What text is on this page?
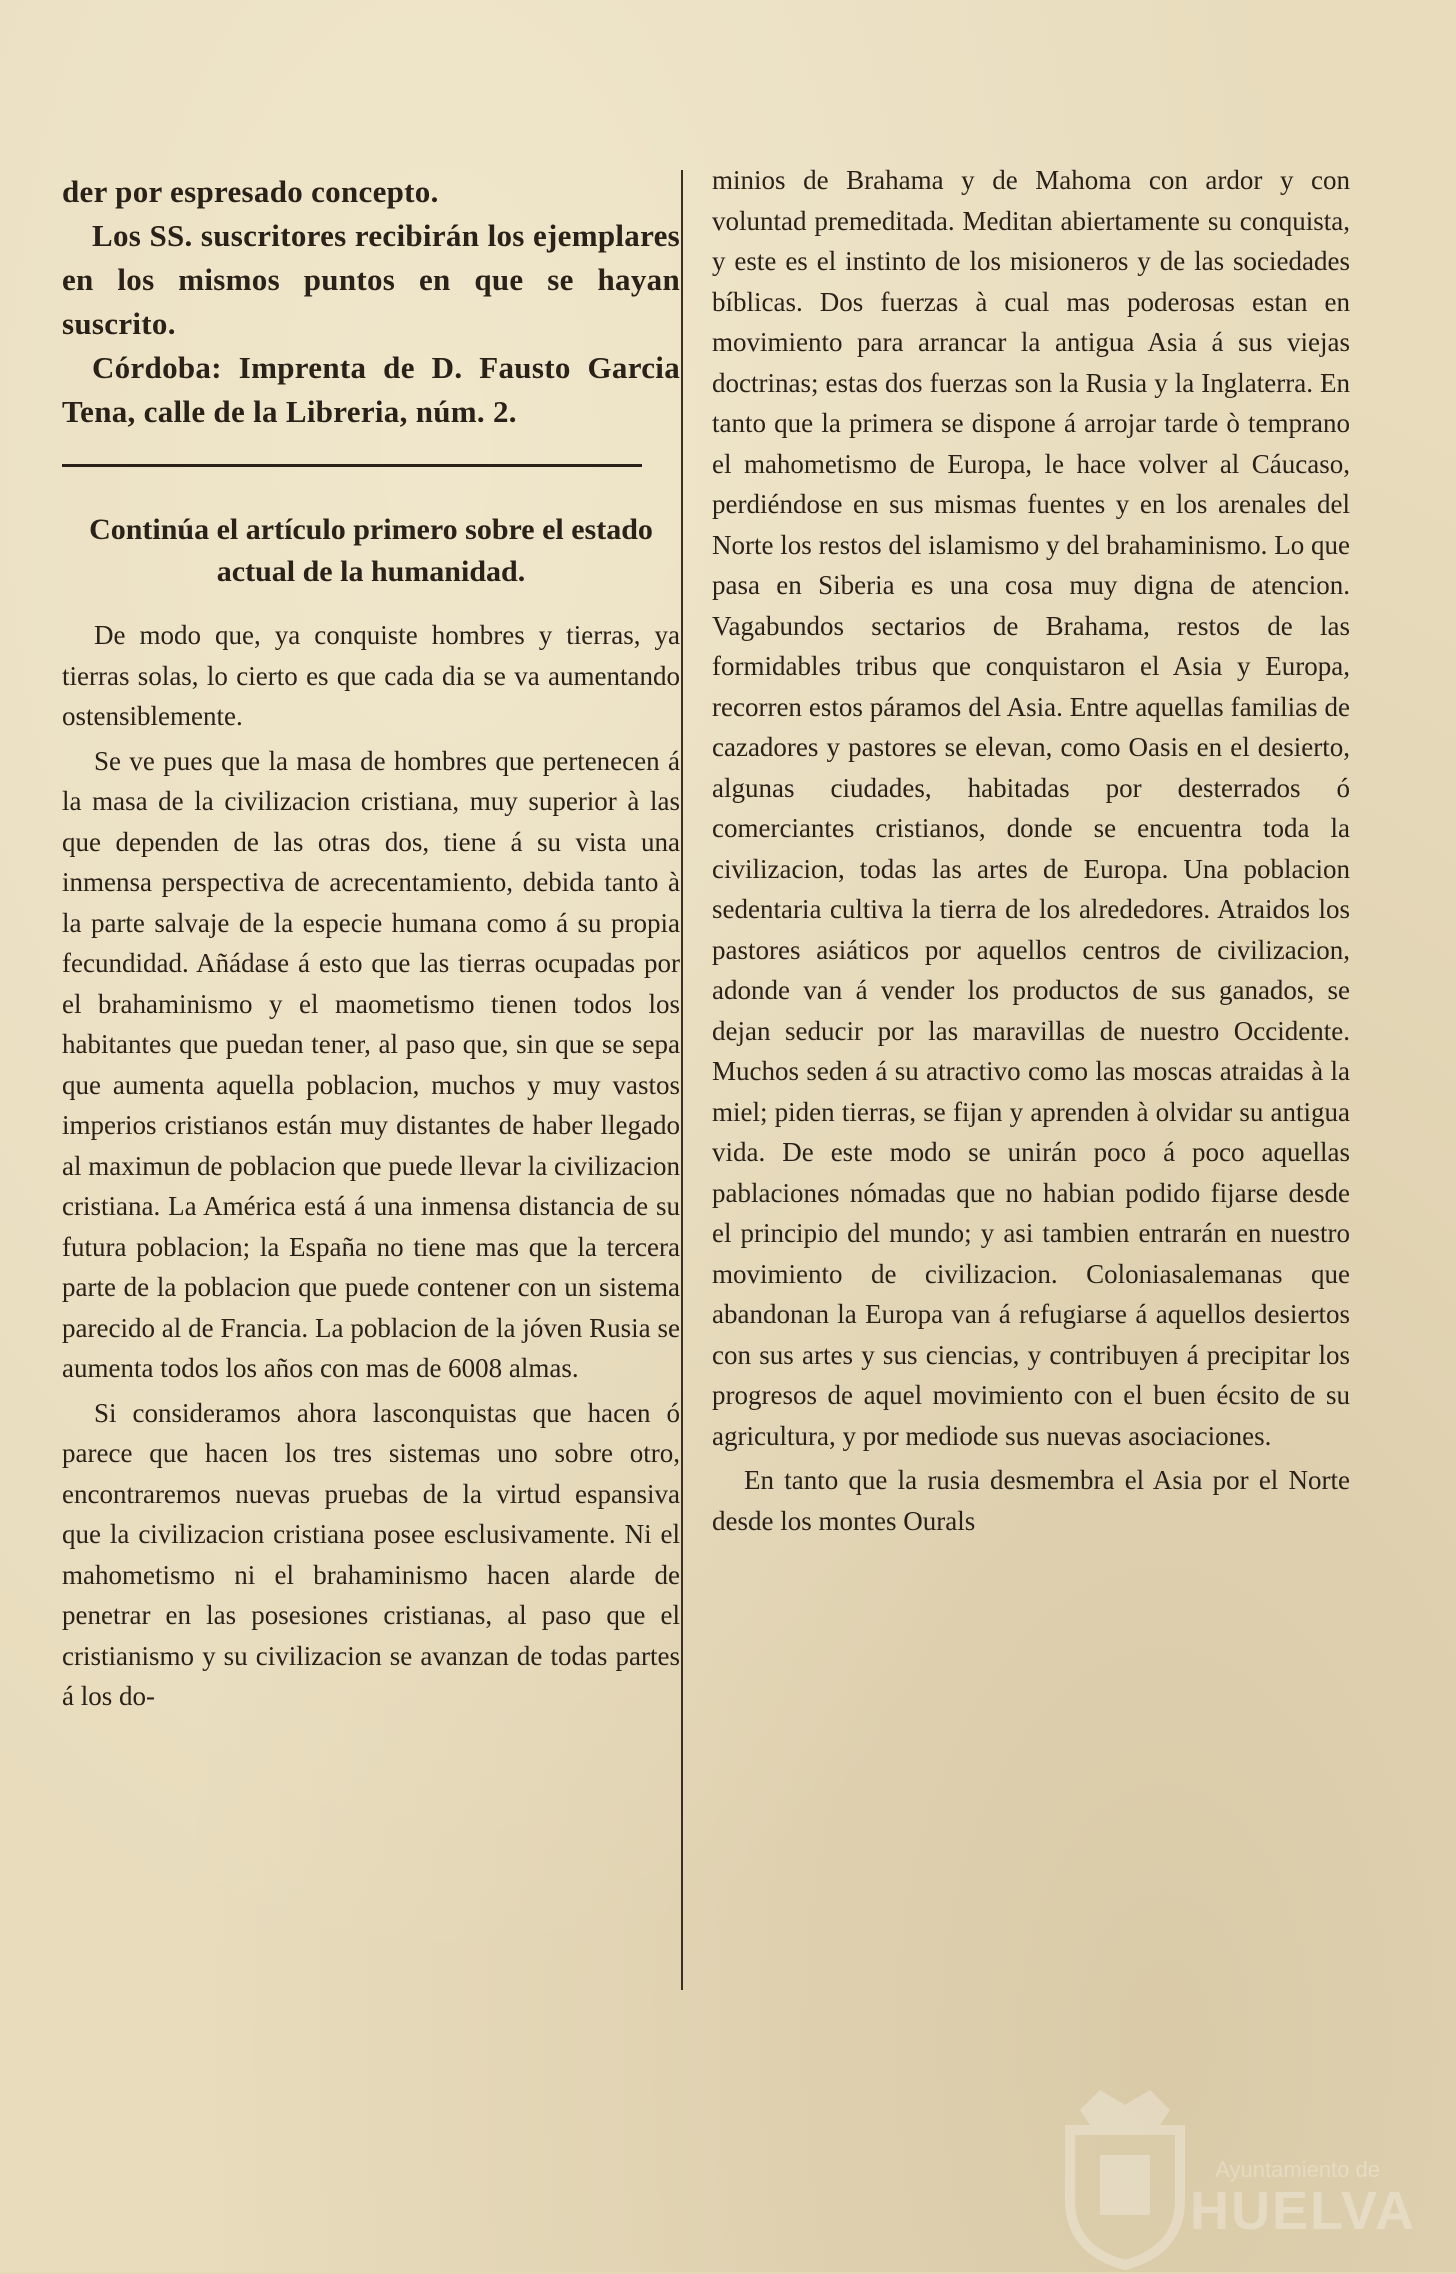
der por espresado concepto.

Los SS. suscritores recibirán los ejemplares en los mismos puntos en que se hayan suscrito.

Córdoba: Imprenta de D. Fausto Garcia Tena, calle de la Libreria, núm. 2.

Continúa el artículo primero sobre el estado actual de la humanidad.

De modo que, ya conquiste hombres y tierras, ya tierras solas, lo cierto es que cada dia se va aumentando ostensiblemente.

Se ve pues que la masa de hombres que pertenecen á la masa de la civilizacion cristiana, muy superior à las que dependen de las otras dos, tiene á su vista una inmensa perspectiva de acrecentamiento, debida tanto à la parte salvaje de la especie humana como á su propia fecundidad. Añádase á esto que las tierras ocupadas por el brahaminismo y el maometismo tienen todos los habitantes que puedan tener, al paso que, sin que se sepa que aumenta aquella poblacion, muchos y muy vastos imperios cristianos están muy distantes de haber llegado al maximun de poblacion que puede llevar la civilizacion cristiana. La América está á una inmensa distancia de su futura poblacion; la España no tiene mas que la tercera parte de la poblacion que puede contener con un sistema parecido al de Francia. La poblacion de la jóven Rusia se aumenta todos los años con mas de 6008 almas.

Si consideramos ahora lasconquistas que hacen ó parece que hacen los tres sistemas uno sobre otro, encontraremos nuevas pruebas de la virtud espansiva que la civilizacion cristiana posee esclusivamente. Ni el mahometismo ni el brahaminismo hacen alarde de penetrar en las posesiones cristianas, al paso que el cristianismo y su civilizacion se avanzan de todas partes á los do-

minios de Brahama y de Mahoma con ardor y con voluntad premeditada. Meditan abiertamente su conquista, y este es el instinto de los misioneros y de las sociedades bíblicas. Dos fuerzas à cual mas poderosas estan en movimiento para arrancar la antigua Asia á sus viejas doctrinas; estas dos fuerzas son la Rusia y la Inglaterra. En tanto que la primera se dispone á arrojar tarde ò temprano el mahometismo de Europa, le hace volver al Cáucaso, perdiéndose en sus mismas fuentes y en los arenales del Norte los restos del islamismo y del brahaminismo. Lo que pasa en Siberia es una cosa muy digna de atencion. Vagabundos sectarios de Brahama, restos de las formidables tribus que conquistaron el Asia y Europa, recorren estos páramos del Asia. Entre aquellas familias de cazadores y pastores se elevan, como Oasis en el desierto, algunas ciudades, habitadas por desterrados ó comerciantes cristianos, donde se encuentra toda la civilizacion, todas las artes de Europa. Una poblacion sedentaria cultiva la tierra de los alrededores. Atraidos los pastores asiáticos por aquellos centros de civilizacion, adonde van á vender los productos de sus ganados, se dejan seducir por las maravillas de nuestro Occidente. Muchos seden á su atractivo como las moscas atraidas à la miel; piden tierras, se fijan y aprenden à olvidar su antigua vida. De este modo se unirán poco á poco aquellas pablaciones nómadas que no habian podido fijarse desde el principio del mundo; y asi tambien entrarán en nuestro movimiento de civilizacion. Coloniasalemanas que abandonan la Europa van á refugiarse á aquellos desiertos con sus artes y sus ciencias, y contribuyen á precipitar los progresos de aquel movimiento con el buen écsito de su agricultura, y por mediode sus nuevas asociaciones.

En tanto que la rusia desmembra el Asia por el Norte desde los montes Ourals

Ayuntamiento de
HUELVA
